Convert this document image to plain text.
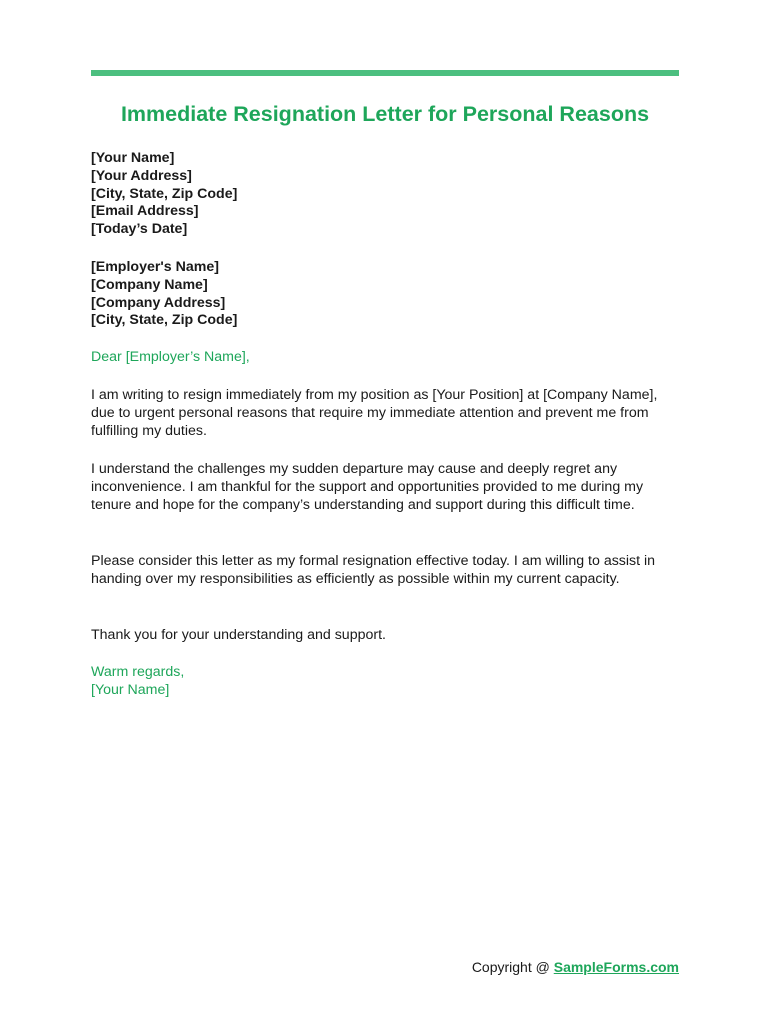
Immediate Resignation Letter for Personal Reasons
[Your Name]
[Your Address]
[City, State, Zip Code]
[Email Address]
[Today’s Date]
[Employer's Name]
[Company Name]
[Company Address]
[City, State, Zip Code]
Dear [Employer’s Name],
I am writing to resign immediately from my position as [Your Position] at [Company Name], due to urgent personal reasons that require my immediate attention and prevent me from fulfilling my duties.
I understand the challenges my sudden departure may cause and deeply regret any inconvenience. I am thankful for the support and opportunities provided to me during my tenure and hope for the company’s understanding and support during this difficult time.
Please consider this letter as my formal resignation effective today. I am willing to assist in handing over my responsibilities as efficiently as possible within my current capacity.
Thank you for your understanding and support.
Warm regards,
[Your Name]
Copyright @ SampleForms.com
